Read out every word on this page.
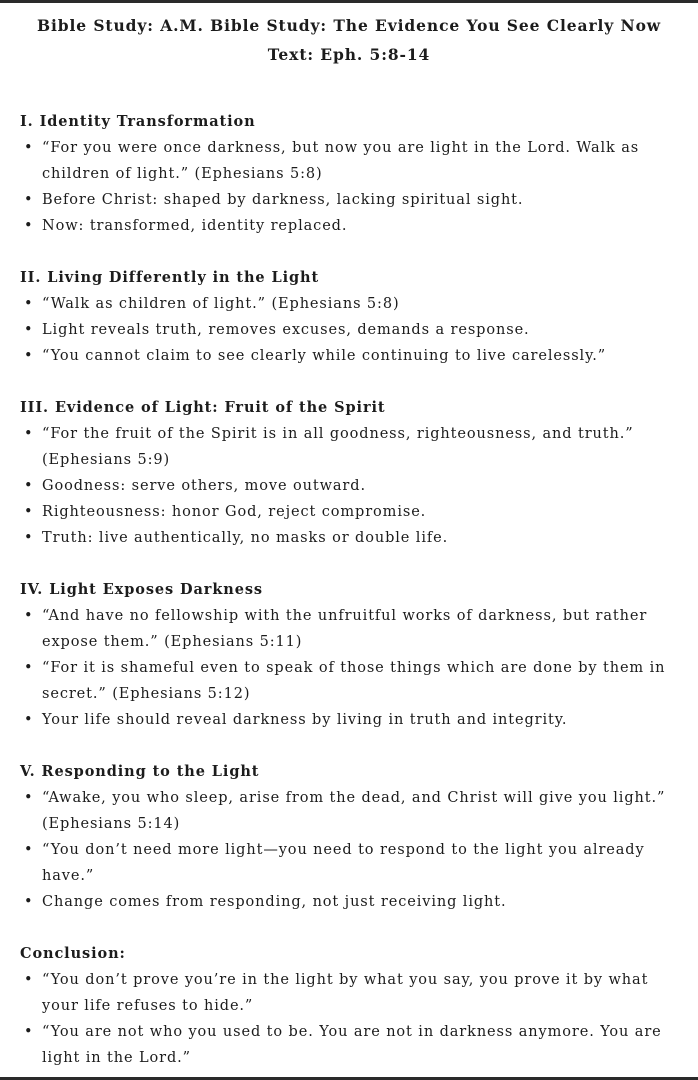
Bible Study: A.M. Bible Study: The Evidence You See Clearly Now

Text: Eph. 5:8-14

I. Identity Transformation

• “For you were once darkness, but now you are light in the Lord. Walk as children of light.” (Ephesians 5:8)
• Before Christ: shaped by darkness, lacking spiritual sight.
• Now: transformed, identity replaced.

II. Living Differently in the Light

• “Walk as children of light.” (Ephesians 5:8)
• Light reveals truth, removes excuses, demands a response.
• “You cannot claim to see clearly while continuing to live carelessly.”

III. Evidence of Light: Fruit of the Spirit

• “For the fruit of the Spirit is in all goodness, righteousness, and truth.” (Ephesians 5:9)
• Goodness: serve others, move outward.
• Righteousness: honor God, reject compromise.
• Truth: live authentically, no masks or double life.

IV. Light Exposes Darkness

• “And have no fellowship with the unfruitful works of darkness, but rather expose them.” (Ephesians 5:11)
• “For it is shameful even to speak of those things which are done by them in secret.” (Ephesians 5:12)
• Your life should reveal darkness by living in truth and integrity.

V. Responding to the Light

• “Awake, you who sleep, arise from the dead, and Christ will give you light.” (Ephesians 5:14)
• “You don’t need more light—you need to respond to the light you already have.”
• Change comes from responding, not just receiving light.

Conclusion:

• “You don’t prove you’re in the light by what you say, you prove it by what your life refuses to hide.”
• “You are not who you used to be. You are not in darkness anymore. You are light in the Lord.”
